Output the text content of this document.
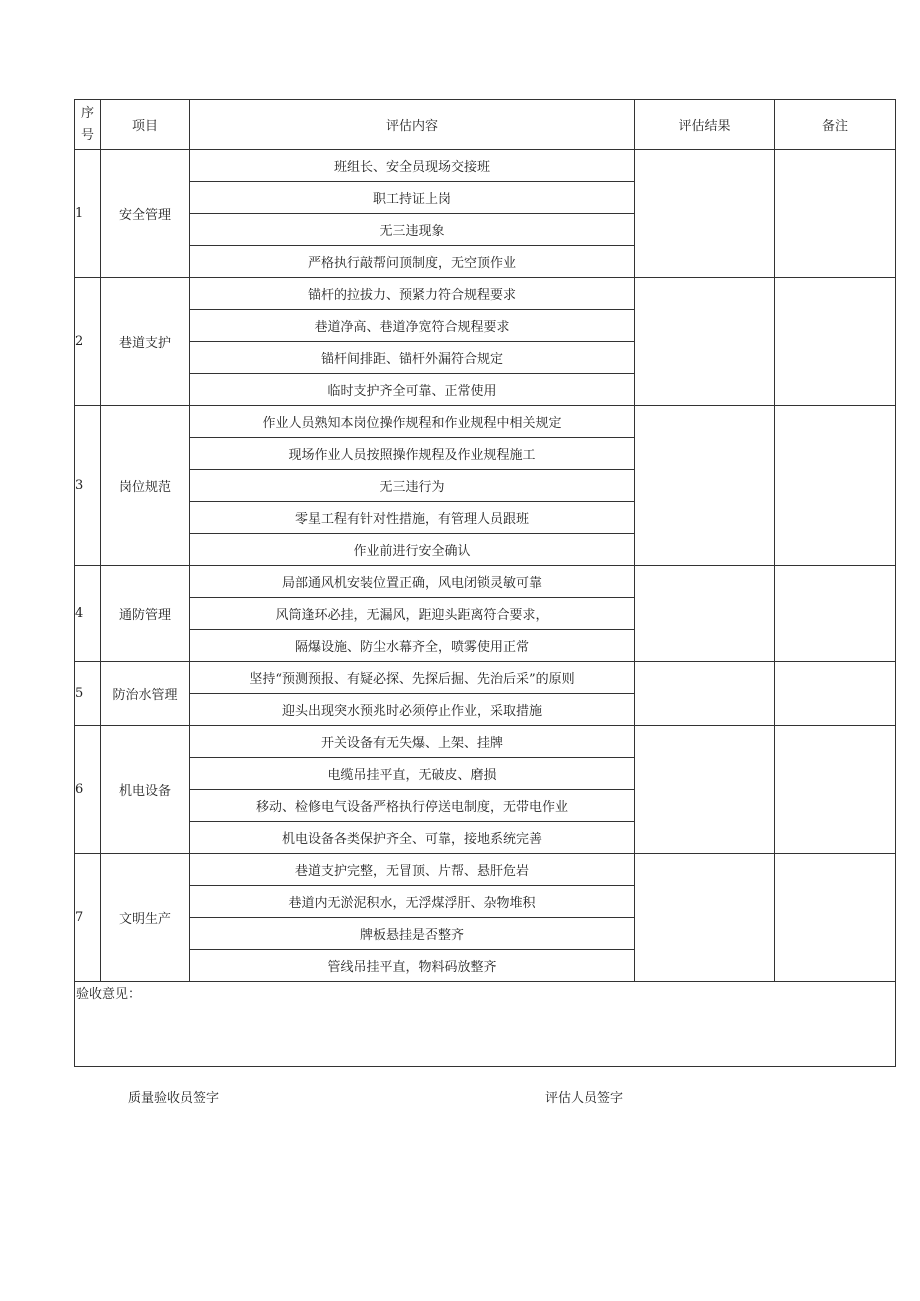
序号	项目	评估内容	评估结果	备注
1	安全管理	班组长、安全员现场交接班		
		职工持证上岗		
		无三违现象		
		严格执行敲帮问顶制度，无空顶作业		
2	巷道支护	锚杆的拉拔力、预紧力符合规程要求		
		巷道净高、巷道净宽符合规程要求		
		锚杆间排距、锚杆外漏符合规定		
		临时支护齐全可靠、正常使用		
3	岗位规范	作业人员熟知本岗位操作规程和作业规程中相关规定		
		现场作业人员按照操作规程及作业规程施工		
		无三违行为		
		零星工程有针对性措施，有管理人员跟班		
		作业前进行安全确认		
4	通防管理	局部通风机安装位置正确，风电闭锁灵敏可靠		
		风筒逢环必挂，无漏风，距迎头距离符合要求，		
		隔爆设施、防尘水幕齐全，喷雾使用正常		
5	防治水管理	坚持“预测预报、有疑必探、先探后掘、先治后采”的原则		
		迎头出现突水预兆时必须停止作业，采取措施		
6	机电设备	开关设备有无失爆、上架、挂牌		
		电缆吊挂平直，无破皮、磨损		
		移动、检修电气设备严格执行停送电制度，无带电作业		
		机电设备各类保护齐全、可靠，接地系统完善		
7	文明生产	巷道支护完整，无冒顶、片帮、悬肝危岩		
		巷道内无淤泥积水，无浮煤浮肝、杂物堆积		
		牌板悬挂是否整齐		
		管线吊挂平直，物料码放整齐		
验收意见：				
质量验收员签字	评估人员签字
